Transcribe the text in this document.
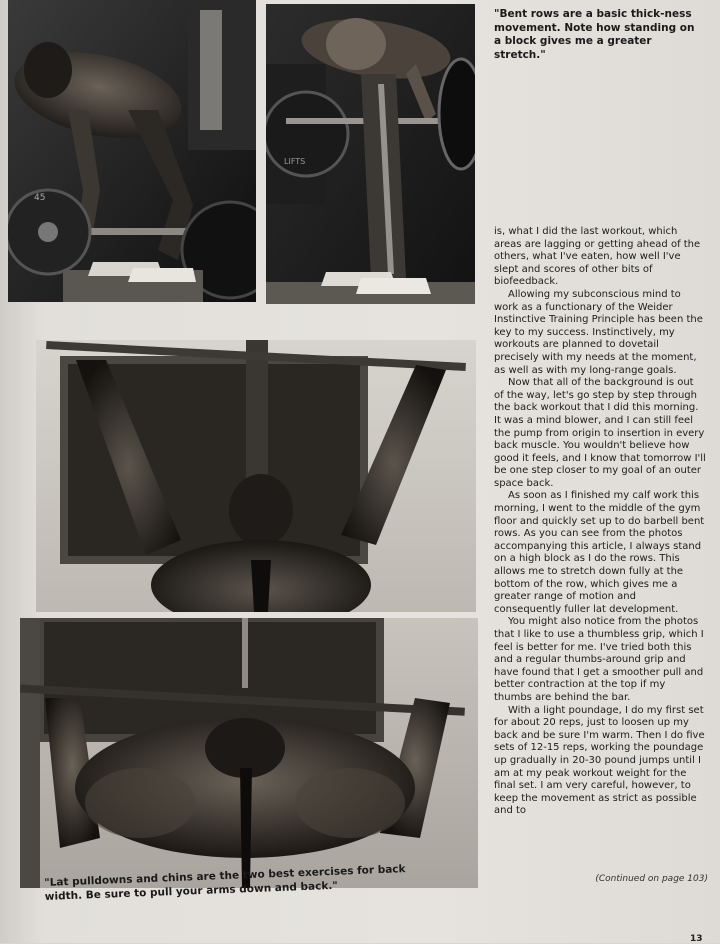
45
LIFTS

"Bent rows are a basic thick-ness movement. Note how standing on a block gives me a greater stretch."

is, what I did the last workout, which areas are lagging or getting ahead of the others, what I've eaten, how well I've slept and scores of other bits of biofeedback.

Allowing my subconscious mind to work as a functionary of the Weider Instinctive Training Principle has been the key to my success. Instinctively, my workouts are planned to dovetail precisely with my needs at the moment, as well as with my long-range goals.

Now that all of the background is out of the way, let's go step by step through the back workout that I did this morning. It was a mind blower, and I can still feel the pump from origin to insertion in every back muscle. You wouldn't believe how good it feels, and I know that tomorrow I'll be one step closer to my goal of an outer space back.

As soon as I finished my calf work this morning, I went to the middle of the gym floor and quickly set up to do barbell bent rows. As you can see from the photos accompanying this article, I always stand on a high block as I do the rows. This allows me to stretch down fully at the bottom of the row, which gives me a greater range of motion and consequently fuller lat development.

You might also notice from the photos that I like to use a thumbless grip, which I feel is better for me. I've tried both this and a regular thumbs-around grip and have found that I get a smoother pull and better contraction at the top if my thumbs are behind the bar.

With a light poundage, I do my first set for about 20 reps, just to loosen up my back and be sure I'm warm. Then I do five sets of 12-15 reps, working the poundage up gradually in 20-30 pound jumps until I am at my peak workout weight for the final set. I am very careful, however, to keep the movement as strict as possible and to

(Continued on page 103)

"Lat pulldowns and chins are the two best exercises for back width. Be sure to pull your arms down and back."

13
